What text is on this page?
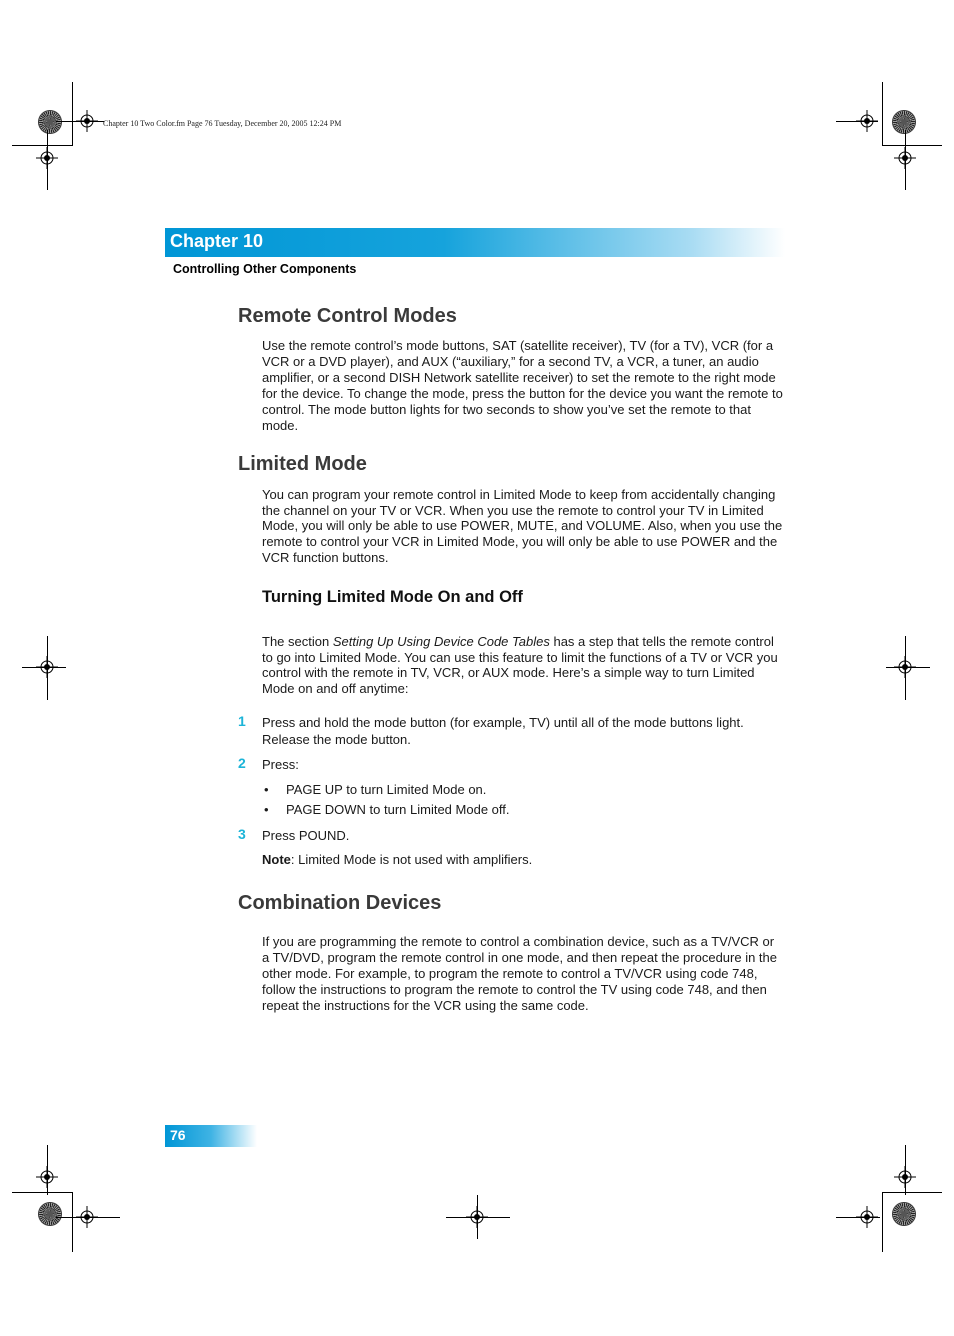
Chapter 10 Two Color.fm Page 76 Tuesday, December 20, 2005 12:24 PM
Chapter 10
Controlling Other Components
Remote Control Modes
Use the remote control’s mode buttons, SAT (satellite receiver), TV (for a TV), VCR (for a
VCR or a DVD player), and AUX (“auxiliary,” for a second TV, a VCR, a tuner, an audio
amplifier, or a second DISH Network satellite receiver) to set the remote to the right mode
for the device. To change the mode, press the button for the device you want the remote to
control. The mode button lights for two seconds to show you’ve set the remote to that
mode.
Limited Mode
You can program your remote control in Limited Mode to keep from accidentally changing
the channel on your TV or VCR. When you use the remote to control your TV in Limited
Mode, you will only be able to use POWER, MUTE, and VOLUME. Also, when you use the
remote to control your VCR in Limited Mode, you will only be able to use POWER and the
VCR function buttons.
Turning Limited Mode On and Off
The section Setting Up Using Device Code Tables has a step that tells the remote control
to go into Limited Mode. You can use this feature to limit the functions of a TV or VCR you
control with the remote in TV, VCR, or AUX mode. Here’s a simple way to turn Limited
Mode on and off anytime:
1 Press and hold the mode button (for example, TV) until all of the mode buttons light.
Release the mode button.
2 Press:
• PAGE UP to turn Limited Mode on.
• PAGE DOWN to turn Limited Mode off.
3 Press POUND.
Note: Limited Mode is not used with amplifiers.
Combination Devices
If you are programming the remote to control a combination device, such as a TV/VCR or
a TV/DVD, program the remote control in one mode, and then repeat the procedure in the
other mode. For example, to program the remote to control a TV/VCR using code 748,
follow the instructions to program the remote to control the TV using code 748, and then
repeat the instructions for the VCR using the same code.
76
